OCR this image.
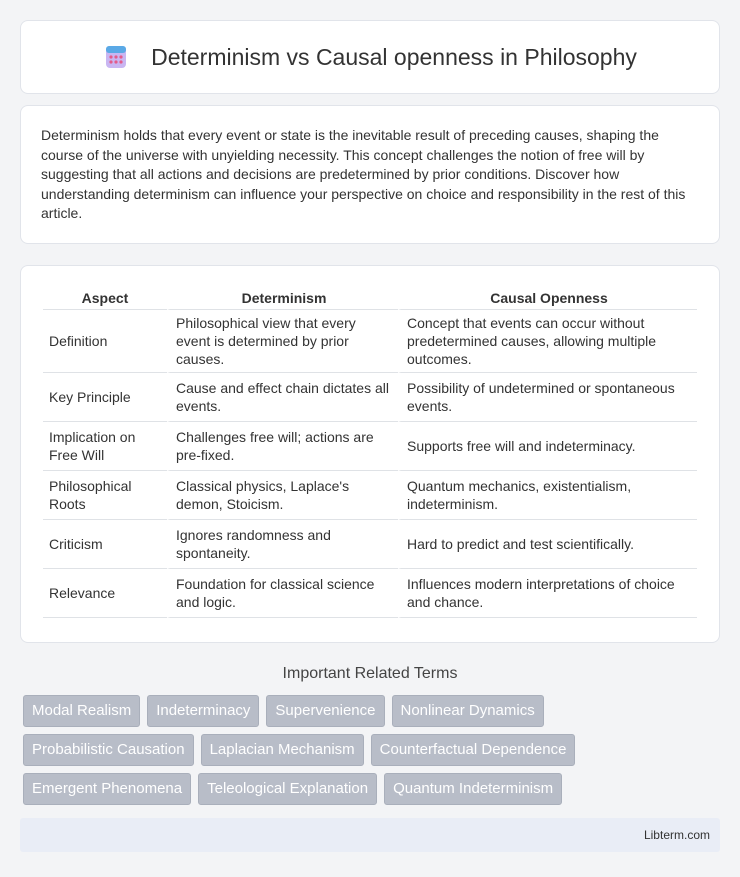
Determinism vs Causal openness in Philosophy

Determinism holds that every event or state is the inevitable result of preceding causes, shaping the course of the universe with unyielding necessity. This concept challenges the notion of free will by suggesting that all actions and decisions are predetermined by prior conditions. Discover how understanding determinism can influence your perspective on choice and responsibility in the rest of this article.

Aspect	Determinism	Causal Openness
Definition	Philosophical view that every event is determined by prior causes.	Concept that events can occur without predetermined causes, allowing multiple outcomes.
Key Principle	Cause and effect chain dictates all events.	Possibility of undetermined or spontaneous events.
Implication on Free Will	Challenges free will; actions are pre-fixed.	Supports free will and indeterminacy.
Philosophical Roots	Classical physics, Laplace's demon, Stoicism.	Quantum mechanics, existentialism, indeterminism.
Criticism	Ignores randomness and spontaneity.	Hard to predict and test scientifically.
Relevance	Foundation for classical science and logic.	Influences modern interpretations of choice and chance.
Important Related Terms
Modal Realism	Indeterminacy	Supervenience	Nonlinear Dynamics
Probabilistic Causation	Laplacian Mechanism	Counterfactual Dependence
Emergent Phenomena	Teleological Explanation	Quantum Indeterminism
Libterm.com
